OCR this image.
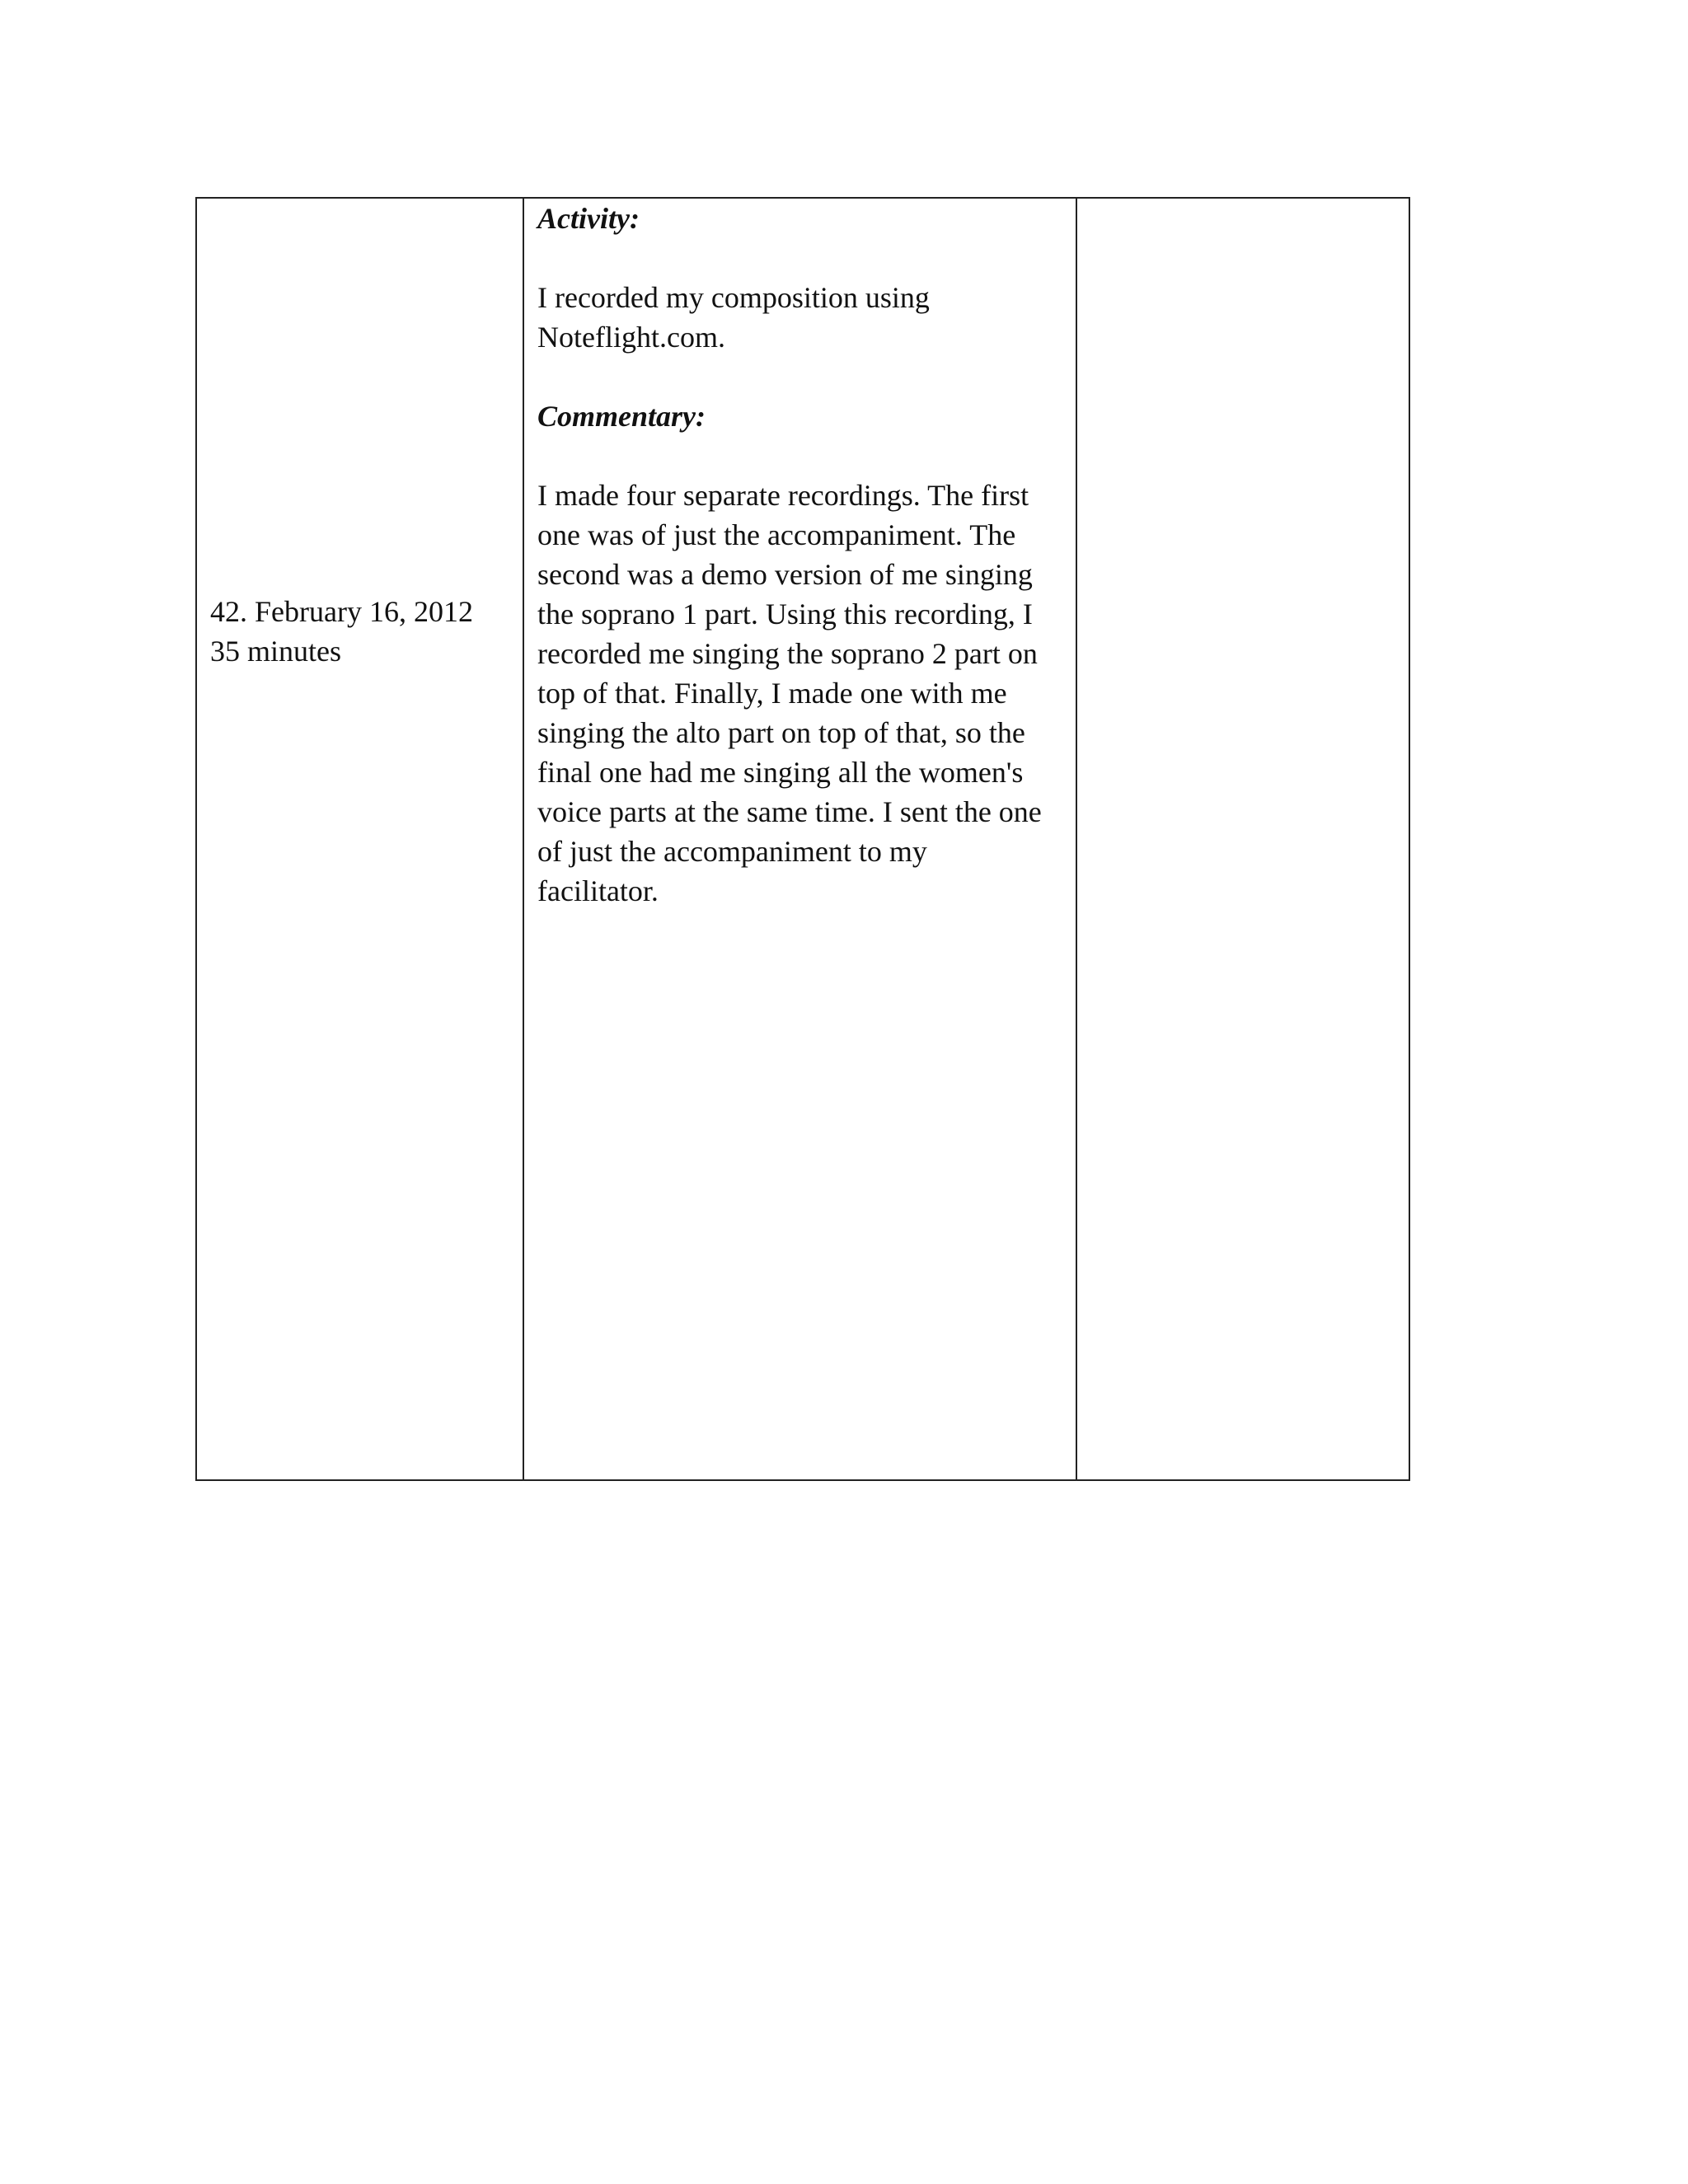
42. February 16, 2012
35 minutes

Activity:

I recorded my composition using

Noteflight.com.

Commentary:

I made four separate recordings. The first

one was of just the accompaniment. The

second was a demo version of me singing

the soprano 1 part. Using this recording, I

recorded me singing the soprano 2 part on

top of that. Finally, I made one with me

singing the alto part on top of that, so the

final one had me singing all the women's

voice parts at the same time. I sent the one

of just the accompaniment to my

facilitator.
